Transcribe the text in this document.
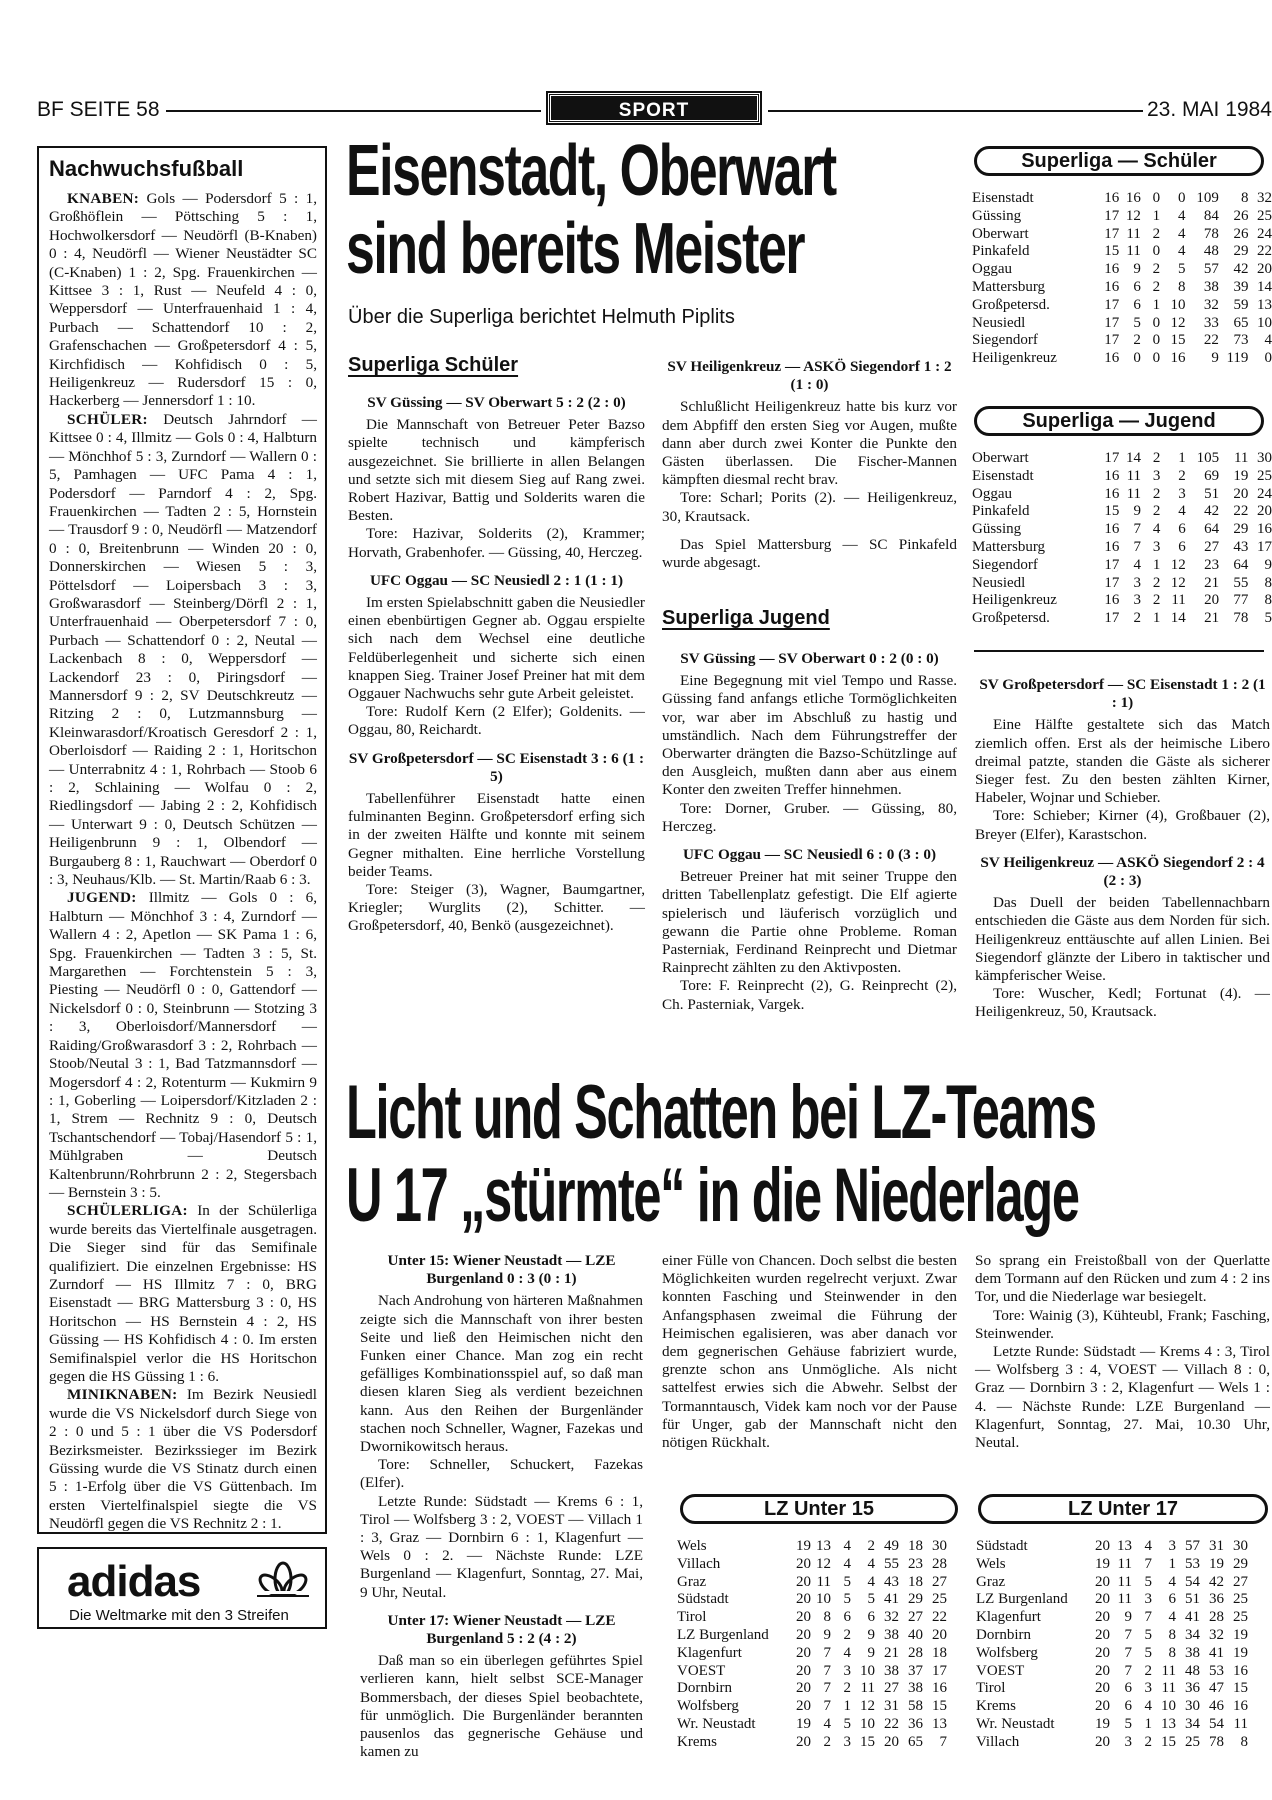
BF SEITE 58	SPORT	23. MAI 1984
Nachwuchsfußball

KNABEN: Gols — Podersdorf 5 : 1, Großhöflein — Pöttsching 5 : 1, Hochwolkersdorf — Neudörfl (B-Knaben) 0 : 4, Neudörfl — Wiener Neustädter SC (C-Knaben) 1 : 2, Spg. Frauenkirchen — Kittsee 3 : 1, Rust — Neufeld 4 : 0, Weppersdorf — Unterfrauenhaid 1 : 4, Purbach — Schattendorf 10 : 2, Grafenschachen — Großpetersdorf 4 : 5, Kirchfidisch — Kohfidisch 0 : 5, Heiligenkreuz — Rudersdorf 15 : 0, Hackerberg — Jennersdorf 1 : 10.

SCHÜLER: Deutsch Jahrndorf — Kittsee 0 : 4, Illmitz — Gols 0 : 4, Halbturn — Mönchhof 5 : 3, Zurndorf — Wallern 0 : 5, Pamhagen — UFC Pama 4 : 1, Podersdorf — Parndorf 4 : 2, Spg. Frauenkirchen — Tadten 2 : 5, Hornstein — Trausdorf 9 : 0, Neudörfl — Matzendorf 0 : 0, Breitenbrunn — Winden 20 : 0, Donnerskirchen — Wiesen 5 : 3, Pöttelsdorf — Loipersbach 3 : 3, Großwarasdorf — Steinberg/Dörfl 2 : 1, Unterfrauenhaid — Oberpetersdorf 7 : 0, Purbach — Schattendorf 0 : 2, Neutal — Lackenbach 8 : 0, Weppersdorf — Lackendorf 23 : 0, Piringsdorf — Mannersdorf 9 : 2, SV Deutschkreutz — Ritzing 2 : 0, Lutzmannsburg — Kleinwarasdorf/Kroatisch Geresdorf 2 : 1, Oberloisdorf — Raiding 2 : 1, Horitschon — Unterrabnitz 4 : 1, Rohrbach — Stoob 6 : 2, Schlaining — Wolfau 0 : 2, Riedlingsdorf — Jabing 2 : 2, Kohfidisch — Unterwart 9 : 0, Deutsch Schützen — Heiligenbrunn 9 : 1, Olbendorf — Burgauberg 8 : 1, Rauchwart — Oberdorf 0 : 3, Neuhaus/Klb. — St. Martin/Raab 6 : 3.

JUGEND: Illmitz — Gols 0 : 6, Halbturn — Mönchhof 3 : 4, Zurndorf — Wallern 4 : 2, Apetlon — SK Pama 1 : 6, Spg. Frauenkirchen — Tadten 3 : 5, St. Margarethen — Forchtenstein 5 : 3, Piesting — Neudörfl 0 : 0, Gattendorf — Nickelsdorf 0 : 0, Steinbrunn — Stotzing 3 : 3, Oberloisdorf/Mannersdorf — Raiding/Großwarasdorf 3 : 2, Rohrbach — Stoob/Neutal 3 : 1, Bad Tatzmannsdorf — Mogersdorf 4 : 2, Rotenturm — Kukmirn 9 : 1, Goberling — Loipersdorf/Kitzladen 2 : 1, Strem — Rechnitz 9 : 0, Deutsch Tschantschendorf — Tobaj/Hasendorf 5 : 1, Mühlgraben — Deutsch Kaltenbrunn/Rohrbrunn 2 : 2, Stegersbach — Bernstein 3 : 5.

SCHÜLERLIGA: In der Schülerliga wurde bereits das Viertelfinale ausgetragen. Die Sieger sind für das Semifinale qualifiziert. Die einzelnen Ergebnisse: HS Zurndorf — HS Illmitz 7 : 0, BRG Eisenstadt — BRG Mattersburg 3 : 0, HS Horitschon — HS Bernstein 4 : 2, HS Güssing — HS Kohfidisch 4 : 0. Im ersten Semifinalspiel verlor die HS Horitschon gegen die HS Güssing 1 : 6.

MINIKNABEN: Im Bezirk Neusiedl wurde die VS Nickelsdorf durch Siege von 2 : 0 und 5 : 1 über die VS Podersdorf Bezirksmeister. Bezirkssieger im Bezirk Güssing wurde die VS Stinatz durch einen 5 : 1-Erfolg über die VS Güttenbach. Im ersten Viertelfinalspiel siegte die VS Neudörfl gegen die VS Rechnitz 2 : 1.

adidas
Die Weltmarke mit den 3 Streifen
Eisenstadt, Oberwart
sind bereits Meister
Über die Superliga berichtet Helmuth Piplits
Superliga Schüler

SV Güssing — SV Oberwart 5 : 2 (2 : 0)

Die Mannschaft von Betreuer Peter Bazso spielte technisch und kämpferisch ausgezeichnet. Sie brillierte in allen Belangen und setzte sich mit diesem Sieg auf Rang zwei. Robert Hazivar, Battig und Solderits waren die Besten.

Tore: Hazivar, Solderits (2), Krammer; Horvath, Grabenhofer. — Güssing, 40, Herczeg.

UFC Oggau — SC Neusiedl 2 : 1 (1 : 1)

Im ersten Spielabschnitt gaben die Neusiedler einen ebenbürtigen Gegner ab. Oggau erspielte sich nach dem Wechsel eine deutliche Feldüberlegenheit und sicherte sich einen knappen Sieg. Trainer Josef Preiner hat mit dem Oggauer Nachwuchs sehr gute Arbeit geleistet.

Tore: Rudolf Kern (2 Elfer); Goldenits. — Oggau, 80, Reichardt.

SV Großpetersdorf — SC Eisenstadt 3 : 6 (1 : 5)

Tabellenführer Eisenstadt hatte einen fulminanten Beginn. Großpetersdorf erfing sich in der zweiten Hälfte und konnte mit seinem Gegner mithalten. Eine herrliche Vorstellung beider Teams.

Tore: Steiger (3), Wagner, Baumgartner, Kriegler; Wurglits (2), Schitter. — Großpetersdorf, 40, Benkö (ausgezeichnet).

SV Heiligenkreuz — ASKÖ Siegendorf 1 : 2 (1 : 0)

Schlußlicht Heiligenkreuz hatte bis kurz vor dem Abpfiff den ersten Sieg vor Augen, mußte dann aber durch zwei Konter die Punkte den Gästen überlassen. Die Fischer-Mannen kämpften diesmal recht brav.

Tore: Scharl; Porits (2). — Heiligenkreuz, 30, Krautsack.

Das Spiel Mattersburg — SC Pinkafeld wurde abgesagt.

Superliga Jugend

SV Güssing — SV Oberwart 0 : 2 (0 : 0)

Eine Begegnung mit viel Tempo und Rasse. Güssing fand anfangs etliche Tormöglichkeiten vor, war aber im Abschluß zu hastig und umständlich. Nach dem Führungstreffer der Oberwarter drängten die Bazso-Schützlinge auf den Ausgleich, mußten dann aber aus einem Konter den zweiten Treffer hinnehmen.

Tore: Dorner, Gruber. — Güssing, 80, Herczeg.

UFC Oggau — SC Neusiedl 6 : 0 (3 : 0)

Betreuer Preiner hat mit seiner Truppe den dritten Tabellenplatz gefestigt. Die Elf agierte spielerisch und läuferisch vorzüglich und gewann die Partie ohne Probleme. Roman Pasterniak, Ferdinand Reinprecht und Dietmar Rainprecht zählten zu den Aktivposten.

Tore: F. Reinprecht (2), G. Reinprecht (2), Ch. Pasterniak, Vargek.

Superliga — Schüler
Eisenstadt	16	16	0	0	109	8	32
Güssing	17	12	1	4	84	26	25
Oberwart	17	11	2	4	78	26	24
Pinkafeld	15	11	0	4	48	29	22
Oggau	16	9	2	5	57	42	20
Mattersburg	16	6	2	8	38	39	14
Großpetersd.	17	6	1	10	32	59	13
Neusiedl	17	5	0	12	33	65	10
Siegendorf	17	2	0	15	22	73	4
Heiligenkreuz	16	0	0	16	9	119	0
Superliga — Jugend
Oberwart	17	14	2	1	105	11	30
Eisenstadt	16	11	3	2	69	19	25
Oggau	16	11	2	3	51	20	24
Pinkafeld	15	9	2	4	42	22	20
Güssing	16	7	4	6	64	29	16
Mattersburg	16	7	3	6	27	43	17
Siegendorf	17	4	1	12	23	64	9
Neusiedl	17	3	2	12	21	55	8
Heiligenkreuz	16	3	2	11	20	77	8
Großpetersd.	17	2	1	14	21	78	5

SV Großpetersdorf — SC Eisenstadt 1 : 2 (1 : 1)

Eine Hälfte gestaltete sich das Match ziemlich offen. Erst als der heimische Libero dreimal patzte, standen die Gäste als sicherer Sieger fest. Zu den besten zählten Kirner, Habeler, Wojnar und Schieber.

Tore: Schieber; Kirner (4), Großbauer (2), Breyer (Elfer), Karastschon.

SV Heiligenkreuz — ASKÖ Siegendorf 2 : 4 (2 : 3)

Das Duell der beiden Tabellennachbarn entschieden die Gäste aus dem Norden für sich. Heiligenkreuz enttäuschte auf allen Linien. Bei Siegendorf glänzte der Libero in taktischer und kämpferischer Weise.

Tore: Wuscher, Kedl; Fortunat (4). — Heiligenkreuz, 50, Krautsack.

Licht und Schatten bei LZ-Teams
U 17 „stürmte“ in die Niederlage

Unter 15: Wiener Neustadt — LZE Burgenland 0 : 3 (0 : 1)

Nach Androhung von härteren Maßnahmen zeigte sich die Mannschaft von ihrer besten Seite und ließ den Heimischen nicht den Funken einer Chance. Man zog ein recht gefälliges Kombinationsspiel auf, so daß man diesen klaren Sieg als verdient bezeichnen kann. Aus den Reihen der Burgenländer stachen noch Schneller, Wagner, Fazekas und Dwornikowitsch heraus.

Tore: Schneller, Schuckert, Fazekas (Elfer).

Letzte Runde: Südstadt — Krems 6 : 1, Tirol — Wolfsberg 3 : 2, VOEST — Villach 1 : 3, Graz — Dornbirn 6 : 1, Klagenfurt — Wels 0 : 2. — Nächste Runde: LZE Burgenland — Klagenfurt, Sonntag, 27. Mai, 9 Uhr, Neutal.

Unter 17: Wiener Neustadt — LZE Burgenland 5 : 2 (4 : 2)

Daß man so ein überlegen geführtes Spiel verlieren kann, hielt selbst SCE-Manager Bommersbach, der dieses Spiel beobachtete, für unmöglich. Die Burgenländer berannten pausenlos das gegnerische Gehäuse und kamen zu

einer Fülle von Chancen. Doch selbst die besten Möglichkeiten wurden regelrecht verjuxt. Zwar konnten Fasching und Steinwender in den Anfangsphasen zweimal die Führung der Heimischen egalisieren, was aber danach vor dem gegnerischen Gehäuse fabriziert wurde, grenzte schon ans Unmögliche. Als nicht sattelfest erwies sich die Abwehr. Selbst der Tormanntausch, Videk kam noch vor der Pause für Unger, gab der Mannschaft nicht den nötigen Rückhalt.

So sprang ein Freistoßball von der Querlatte dem Tormann auf den Rücken und zum 4 : 2 ins Tor, und die Niederlage war besiegelt.

Tore: Wainig (3), Kühteubl, Frank; Fasching, Steinwender.

Letzte Runde: Südstadt — Krems 4 : 3, Tirol — Wolfsberg 3 : 4, VOEST — Villach 8 : 0, Graz — Dornbirn 3 : 2, Klagenfurt — Wels 1 : 4. — Nächste Runde: LZE Burgenland — Klagenfurt, Sonntag, 27. Mai, 10.30 Uhr, Neutal.

LZ Unter 15
Wels	19	13	4	2	49	18	30
Villach	20	12	4	4	55	23	28
Graz	20	11	5	4	43	18	27
Südstadt	20	10	5	5	41	29	25
Tirol	20	8	6	6	32	27	22
LZ Burgenland	20	9	2	9	38	40	20
Klagenfurt	20	7	4	9	21	28	18
VOEST	20	7	3	10	38	37	17
Dornbirn	20	7	2	11	27	38	16
Wolfsberg	20	7	1	12	31	58	15
Wr. Neustadt	19	4	5	10	22	36	13
Krems	20	2	3	15	20	65	7
LZ Unter 17
Südstadt	20	13	4	3	57	31	30
Wels	19	11	7	1	53	19	29
Graz	20	11	5	4	54	42	27
LZ Burgenland	20	11	3	6	51	36	25
Klagenfurt	20	9	7	4	41	28	25
Dornbirn	20	7	5	8	34	32	19
Wolfsberg	20	7	5	8	38	41	19
VOEST	20	7	2	11	48	53	16
Tirol	20	6	3	11	36	47	15
Krems	20	6	4	10	30	46	16
Wr. Neustadt	19	5	1	13	34	54	11
Villach	20	3	2	15	25	78	8
